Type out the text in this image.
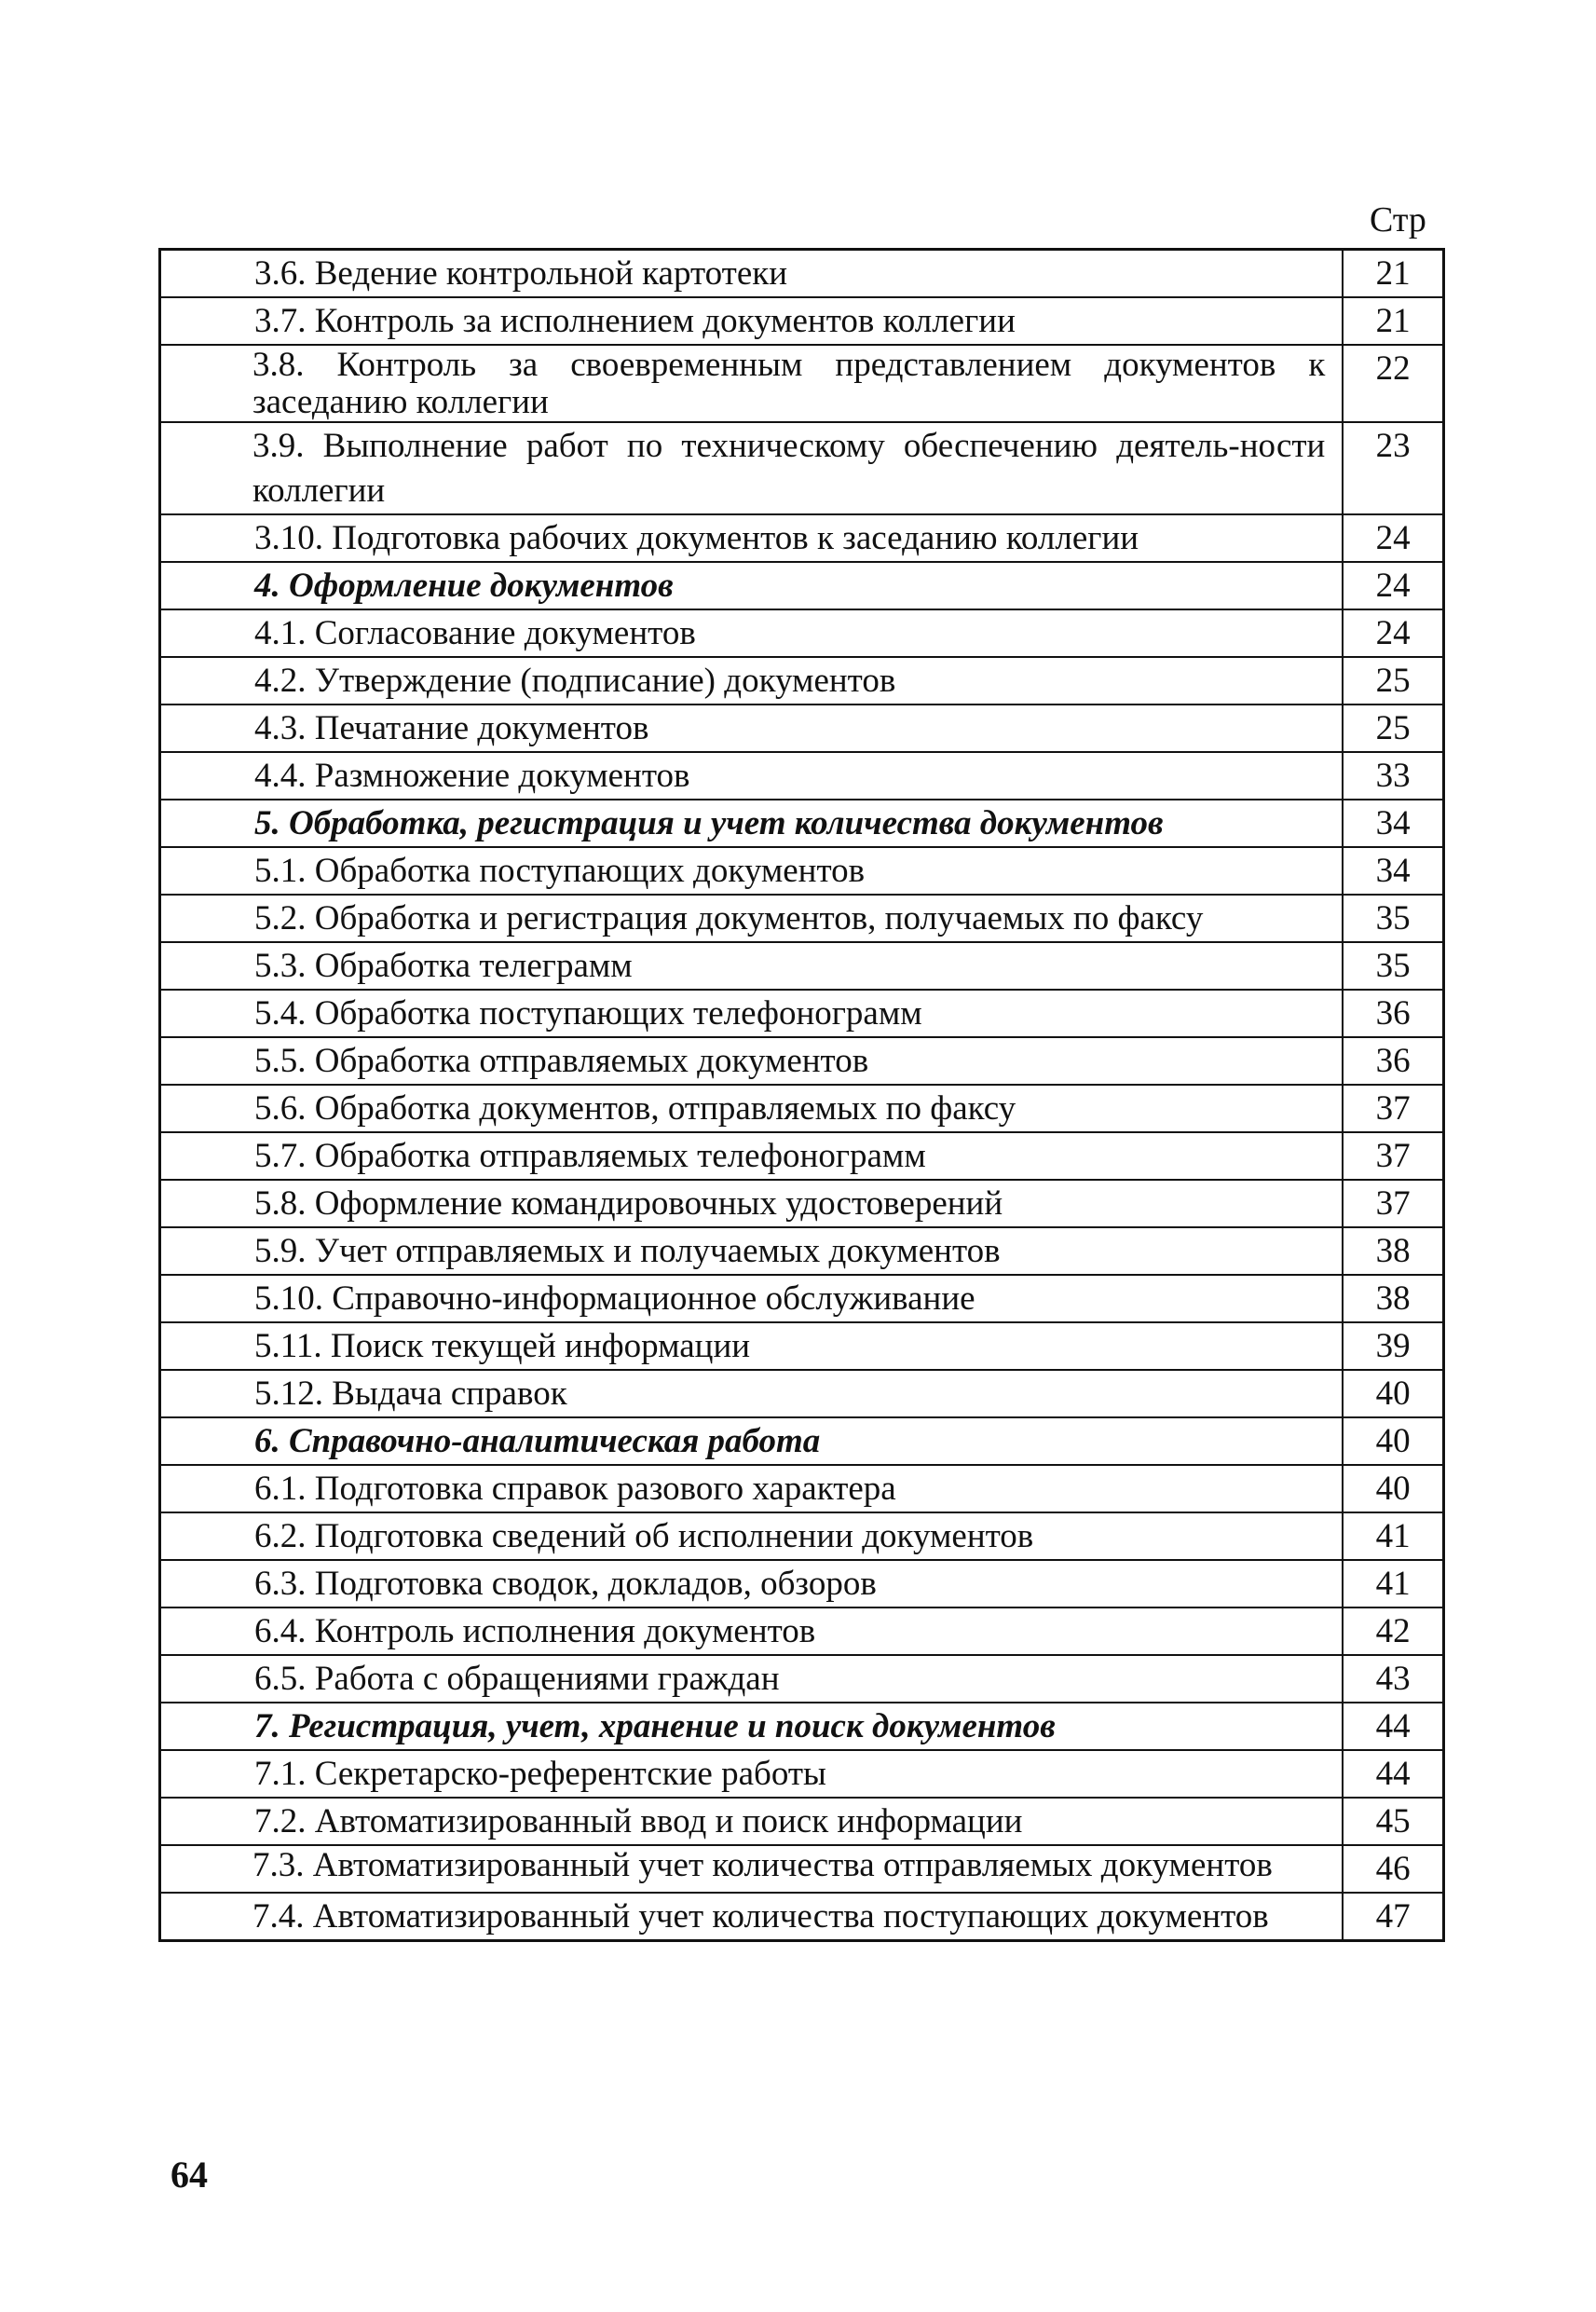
Стр
3.6. Ведение контрольной картотеки	21
3.7. Контроль за исполнением документов коллегии	21
3.8. Контроль за своевременным представлением документов к заседанию коллегии	22
3.9. Выполнение работ по техническому обеспечению деятель-ности коллегии	23
3.10. Подготовка рабочих документов к заседанию коллегии	24
4. Оформление документов	24
4.1. Согласование документов	24
4.2. Утверждение (подписание) документов	25
4.3. Печатание документов	25
4.4. Размножение документов	33
5. Обработка, регистрация и учет количества документов	34
5.1. Обработка поступающих документов	34
5.2. Обработка и регистрация документов, получаемых по факсу	35
5.3. Обработка телеграмм	35
5.4. Обработка поступающих телефонограмм	36
5.5. Обработка отправляемых документов	36
5.6. Обработка документов, отправляемых по факсу	37
5.7. Обработка отправляемых телефонограмм	37
5.8. Оформление командировочных удостоверений	37
5.9. Учет отправляемых и получаемых документов	38
5.10. Справочно-информационное обслуживание	38
5.11. Поиск текущей информации	39
5.12. Выдача справок	40
6. Справочно-аналитическая работа	40
6.1. Подготовка справок разового характера	40
6.2. Подготовка сведений об исполнении документов	41
6.3. Подготовка сводок, докладов, обзоров	41
6.4. Контроль исполнения документов	42
6.5. Работа с обращениями граждан	43
7. Регистрация, учет, хранение и поиск документов	44
7.1. Секретарско-референтские работы	44
7.2. Автоматизированный ввод и поиск информации	45
7.3. Автоматизированный учет количества отправляемых документов	46
7.4. Автоматизированный учет количества поступающих документов	47
64
